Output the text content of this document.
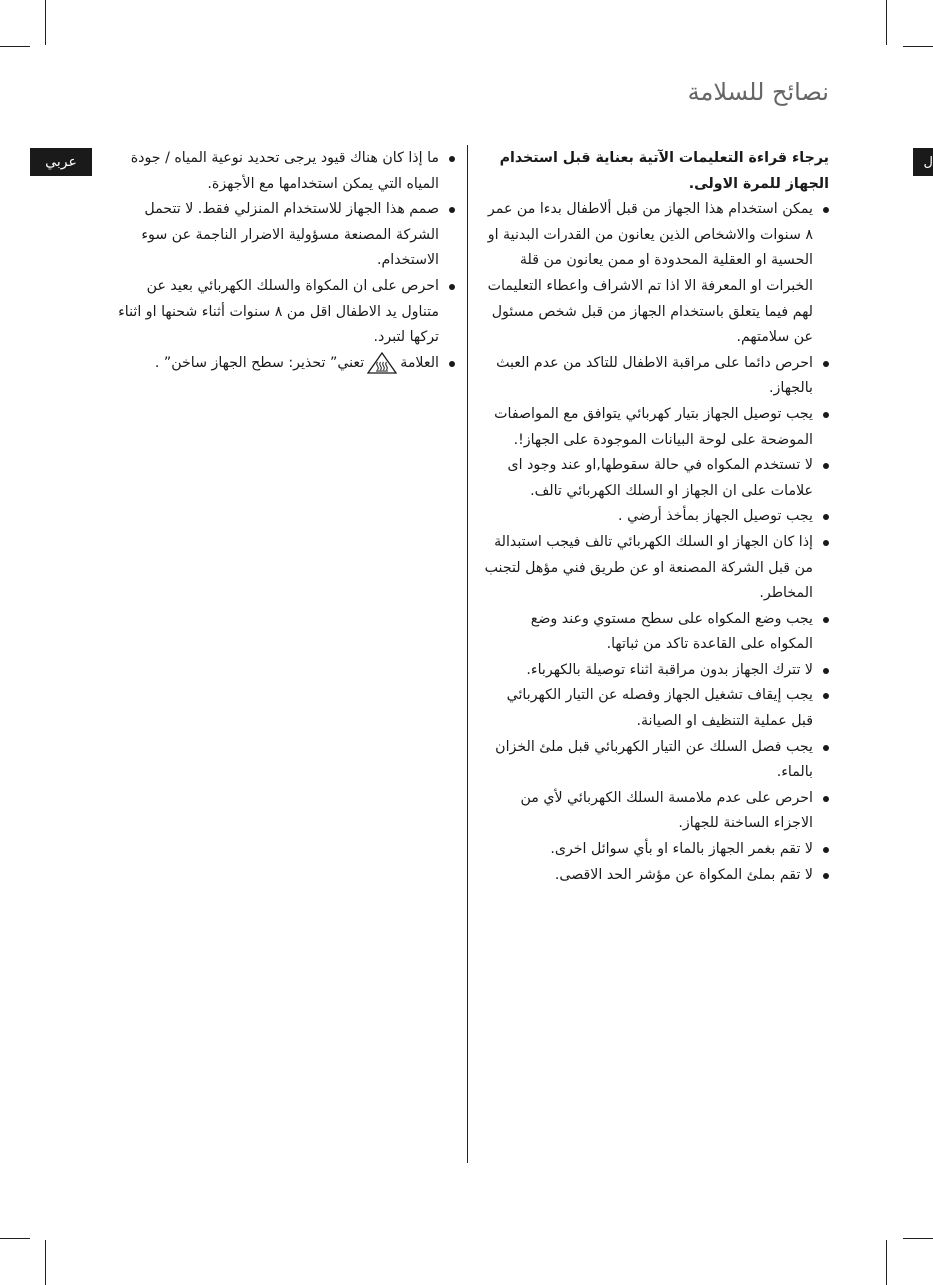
نصائح للسلامة
عربي	ل

يرجاء قراءة التعليمات الآتية بعناية قبل استخدام الجهاز للمرة الاولى.

يمكن استخدام هذا الجهاز من قبل ألاطفال بدءا من عمر ٨ سنوات والاشخاص الذين يعانون من القدرات البدنية او الحسية او العقلية المحدودة او ممن يعانون من قلة الخبرات او المعرفة الا اذا تم الاشراف واعطاء التعليمات لهم فيما يتعلق باستخدام الجهاز من قبل شخص مسئول عن سلامتهم.
احرص دائما على مراقبة الاطفال للتاكد من عدم العبث بالجهاز.
يجب توصيل الجهاز بتيار كهربائي يتوافق مع المواصفات الموضحة على لوحة البيانات الموجودة على الجهاز!.
لا تستخدم المكواه في حالة سقوطها,او عند وجود اى علامات على ان الجهاز او السلك الكهربائي تالف.
يجب توصيل الجهاز بمأخذ أرضي .
إذا كان الجهاز او السلك الكهربائي تالف فيجب استبدالة من قبل الشركة المصنعة او عن طريق فني مؤهل لتجنب المخاطر.
يجب وضع المكواه على سطح مستوي وعند وضع المكواه على القاعدة تاكد من ثباتها.
لا تترك الجهاز بدون مراقبة اثناء توصيلة بالكهرباء.
يجب إيقاف تشغيل الجهاز وفصله عن التيار الكهربائي قبل عملية التنظيف او الصيانة.
يجب فصل السلك عن التيار الكهربائي قبل ملئ الخزان بالماء.
احرص على عدم ملامسة السلك الكهربائي لأي من الاجزاء الساخنة للجهاز.
لا تقم بغمر الجهاز بالماء او بأي سوائل اخرى.
لا تقم بملئ المكواة عن مؤشر الحد الاقصى.
ما إذا كان هناك قيود يرجى تحديد نوعية المياه / جودة المياه التي يمكن استخدامها مع الأجهزة.
صمم هذا الجهاز للاستخدام المنزلي فقط. لا تتحمل الشركة المصنعة مسؤولية الاضرار الناجمة عن سوء الاستخدام.
احرص على ان المكواة والسلك الكهربائي بعيد عن متناول يد الاطفال اقل من ٨ سنوات أثناء شحنها او اثناء تركها لتبرد.
العلامةتعني” تحذير: سطح الجهاز ساخن” .
